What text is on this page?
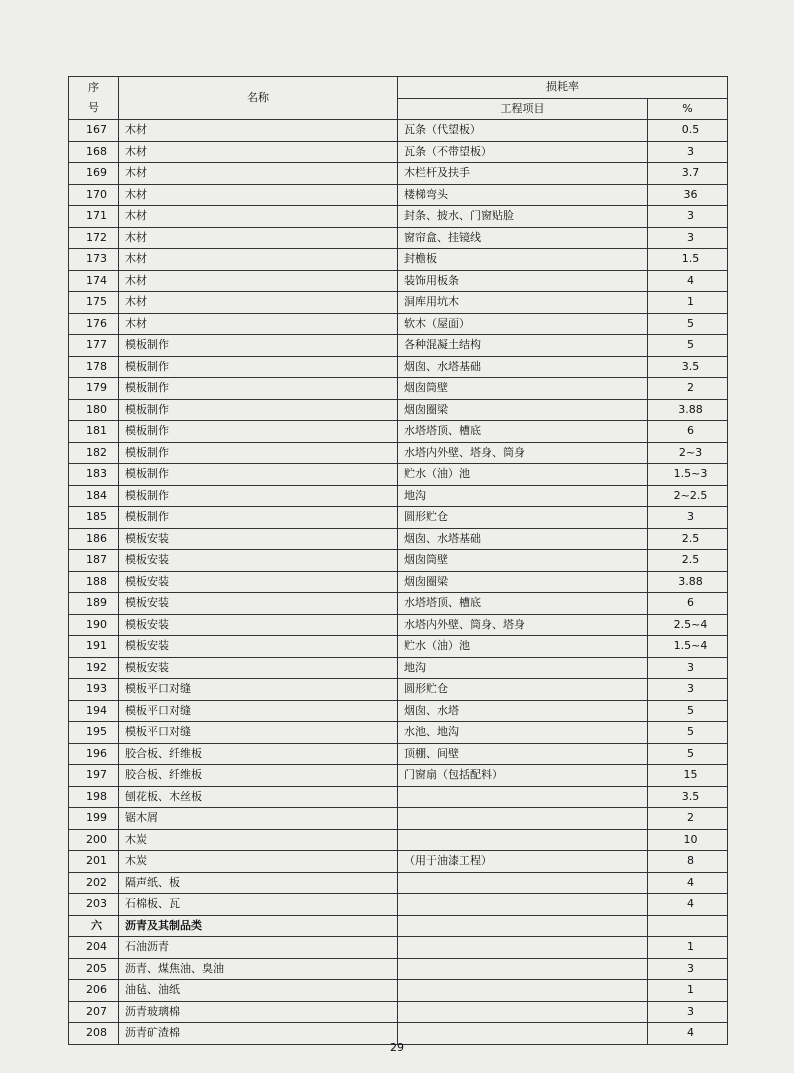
序
号	名称	损耗率	
		工程项目	%
167	木材	瓦条（代望板）	0.5
168	木材	瓦条（不带望板）	3
169	木材	木栏杆及扶手	3.7
170	木材	楼梯弯头	36
171	木材	封条、披水、门窗贴脸	3
172	木材	窗帘盒、挂镜线	3
173	木材	封檐板	1.5
174	木材	装饰用板条	4
175	木材	洞库用坑木	1
176	木材	软木（屋面）	5
177	模板制作	各种混凝土结构	5
178	模板制作	烟囱、水塔基础	3.5
179	模板制作	烟囱筒壁	2
180	模板制作	烟囱圈梁	3.88
181	模板制作	水塔塔顶、槽底	6
182	模板制作	水塔内外壁、塔身、筒身	2~3
183	模板制作	贮水（油）池	1.5~3
184	模板制作	地沟	2~2.5
185	模板制作	圆形贮仓	3
186	模板安装	烟囱、水塔基础	2.5
187	模板安装	烟囱筒壁	2.5
188	模板安装	烟囱圈梁	3.88
189	模板安装	水塔塔顶、槽底	6
190	模板安装	水塔内外壁、筒身、塔身	2.5~4
191	模板安装	贮水（油）池	1.5~4
192	模板安装	地沟	3
193	模板平口对缝	圆形贮仓	3
194	模板平口对缝	烟囱、水塔	5
195	模板平口对缝	水池、地沟	5
196	胶合板、纤维板	顶棚、间壁	5
197	胶合板、纤维板	门窗扇（包括配料）	15
198	刨花板、木丝板		3.5
199	锯木屑		2
200	木炭		10
201	木炭	（用于油漆工程）	8
202	隔声纸、板		4
203	石棉板、瓦		4
六	沥青及其制品类		
204	石油沥青		1
205	沥青、煤焦油、臭油		3
206	油毡、油纸		1
207	沥青玻璃棉		3
208	沥青矿渣棉		4
29
